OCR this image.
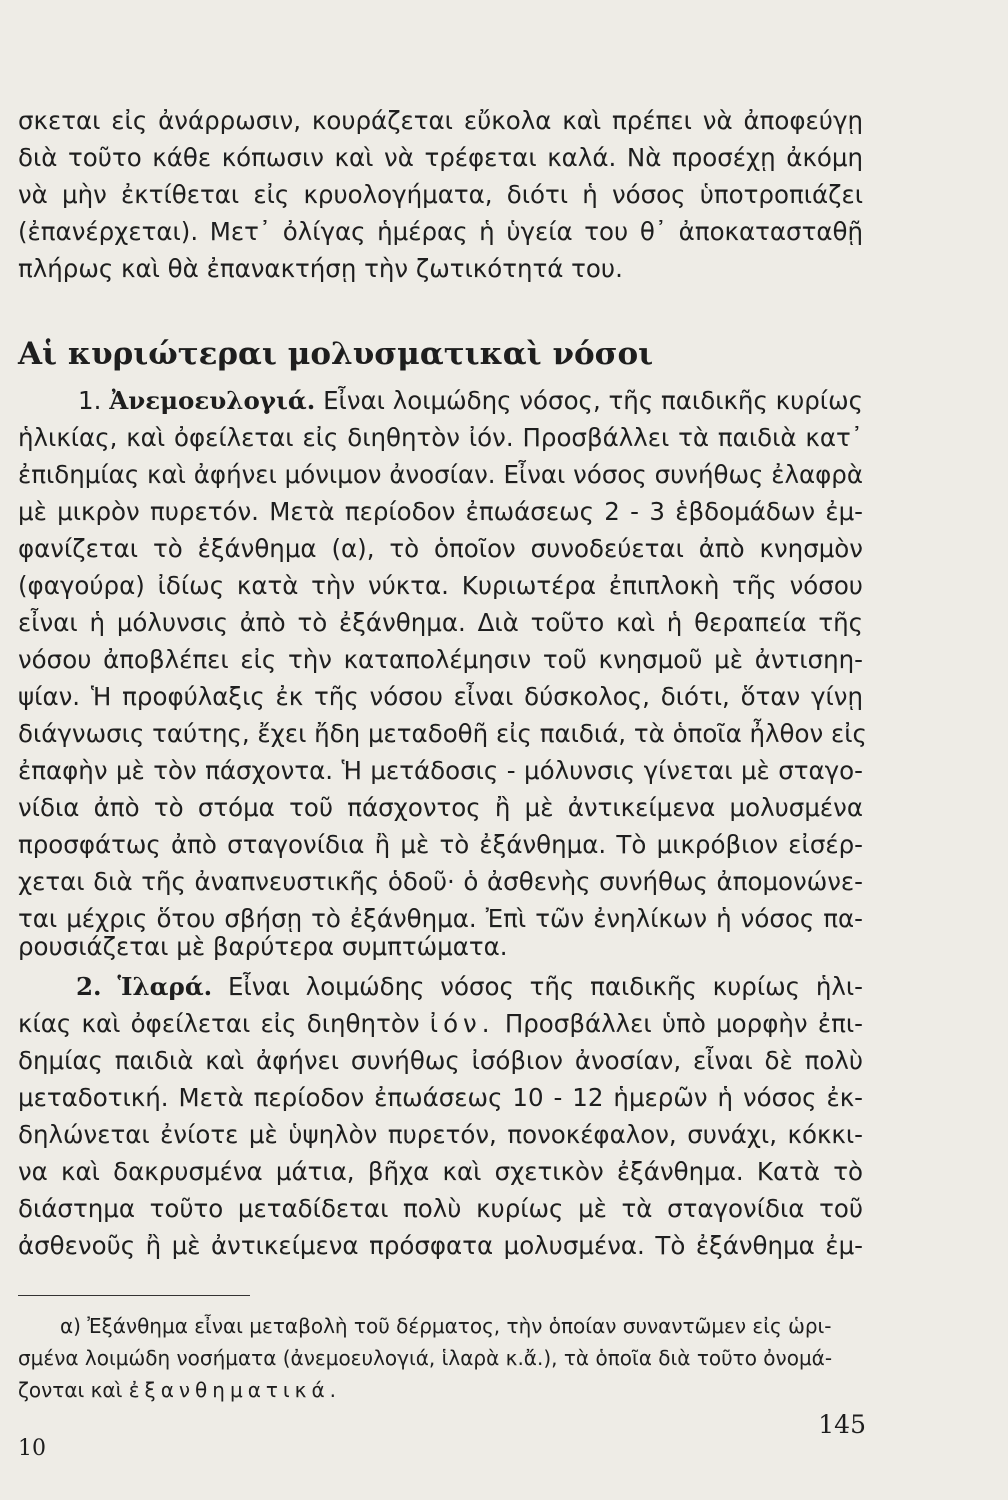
σκεται εἰς ἀνάρρωσιν, κουράζεται εὔκολα καὶ πρέπει νὰ ἀποφεύγῃ
διὰ τοῦτο κάθε κόπωσιν καὶ νὰ τρέφεται καλά. Νὰ προσέχῃ ἀκόμη
νὰ μὴν ἐκτίθεται εἰς κρυολογήματα, διότι ἡ νόσος ὑποτροπιάζει
(ἐπανέρχεται). Μετ᾽ ὀλίγας ἡμέρας ἡ ὑγεία του θ᾽ ἀποκατασταθῇ
πλήρως καὶ θὰ ἐπανακτήσῃ τὴν ζωτικότητά του.
Αἱ κυριώτεραι μολυσματικαὶ νόσοι
1. Ἀνεμοευλογιά. Εἶναι λοιμώδης νόσος, τῆς παιδικῆς κυρίως
ἡλικίας, καὶ ὀφείλεται εἰς διηθητὸν ἰόν. Προσβάλλει τὰ παιδιὰ κατ᾽
ἐπιδημίας καὶ ἀφήνει μόνιμον ἀνοσίαν. Εἶναι νόσος συνήθως ἐλαφρὰ
μὲ μικρὸν πυρετόν. Μετὰ περίοδον ἐπωάσεως 2 - 3 ἑβδομάδων ἐμ-
φανίζεται τὸ ἐξάνθημα (α), τὸ ὁποῖον συνοδεύεται ἀπὸ κνησμὸν
(φαγούρα) ἰδίως κατὰ τὴν νύκτα. Κυριωτέρα ἐπιπλοκὴ τῆς νόσου
εἶναι ἡ μόλυνσις ἀπὸ τὸ ἐξάνθημα. Διὰ τοῦτο καὶ ἡ θεραπεία τῆς
νόσου ἀποβλέπει εἰς τὴν καταπολέμησιν τοῦ κνησμοῦ μὲ ἀντισηη-
ψίαν. Ἡ προφύλαξις ἐκ τῆς νόσου εἶναι δύσκολος, διότι, ὅταν γίνῃ
διάγνωσις ταύτης, ἔχει ἤδη μεταδοθῆ εἰς παιδιά, τὰ ὁποῖα ἦλθον εἰς
ἐπαφὴν μὲ τὸν πάσχοντα. Ἡ μετάδοσις - μόλυνσις γίνεται μὲ σταγο-
νίδια ἀπὸ τὸ στόμα τοῦ πάσχοντος ἢ μὲ ἀντικείμενα μολυσμένα
προσφάτως ἀπὸ σταγονίδια ἢ μὲ τὸ ἐξάνθημα. Τὸ μικρόβιον εἰσέρ-
χεται διὰ τῆς ἀναπνευστικῆς ὁδοῦ· ὁ ἀσθενὴς συνήθως ἀπομονώνε-
ται μέχρις ὅτου σβήσῃ τὸ ἐξάνθημα. Ἐπὶ τῶν ἐνηλίκων ἡ νόσος πα-
ρουσιάζεται μὲ βαρύτερα συμπτώματα.
2. Ἱλαρά. Εἶναι λοιμώδης νόσος τῆς παιδικῆς κυρίως ἡλι-
κίας καὶ ὀφείλεται εἰς διηθητὸν ἰόν. Προσβάλλει ὑπὸ μορφὴν ἐπι-
δημίας παιδιὰ καὶ ἀφήνει συνήθως ἰσόβιον ἀνοσίαν, εἶναι δὲ πολὺ
μεταδοτική. Μετὰ περίοδον ἐπωάσεως 10 - 12 ἡμερῶν ἡ νόσος ἐκ-
δηλώνεται ἐνίοτε μὲ ὑψηλὸν πυρετόν, πονοκέφαλον, συνάχι, κόκκι-
να καὶ δακρυσμένα μάτια, βῆχα καὶ σχετικὸν ἐξάνθημα. Κατὰ τὸ
διάστημα τοῦτο μεταδίδεται πολὺ κυρίως μὲ τὰ σταγονίδια τοῦ
ἀσθενοῦς ἢ μὲ ἀντικείμενα πρόσφατα μολυσμένα. Τὸ ἐξάνθημα ἐμ-
α) Ἐξάνθημα εἶναι μεταβολὴ τοῦ δέρματος, τὴν ὁποίαν συναντῶμεν εἰς ὡρι-
σμένα λοιμώδη νοσήματα (ἀνεμοευλογιά, ἱλαρὰ κ.ἄ.), τὰ ὁποῖα διὰ τοῦτο ὀνομά-
ζονται καὶ ἐξανθηματικά.
145
10
